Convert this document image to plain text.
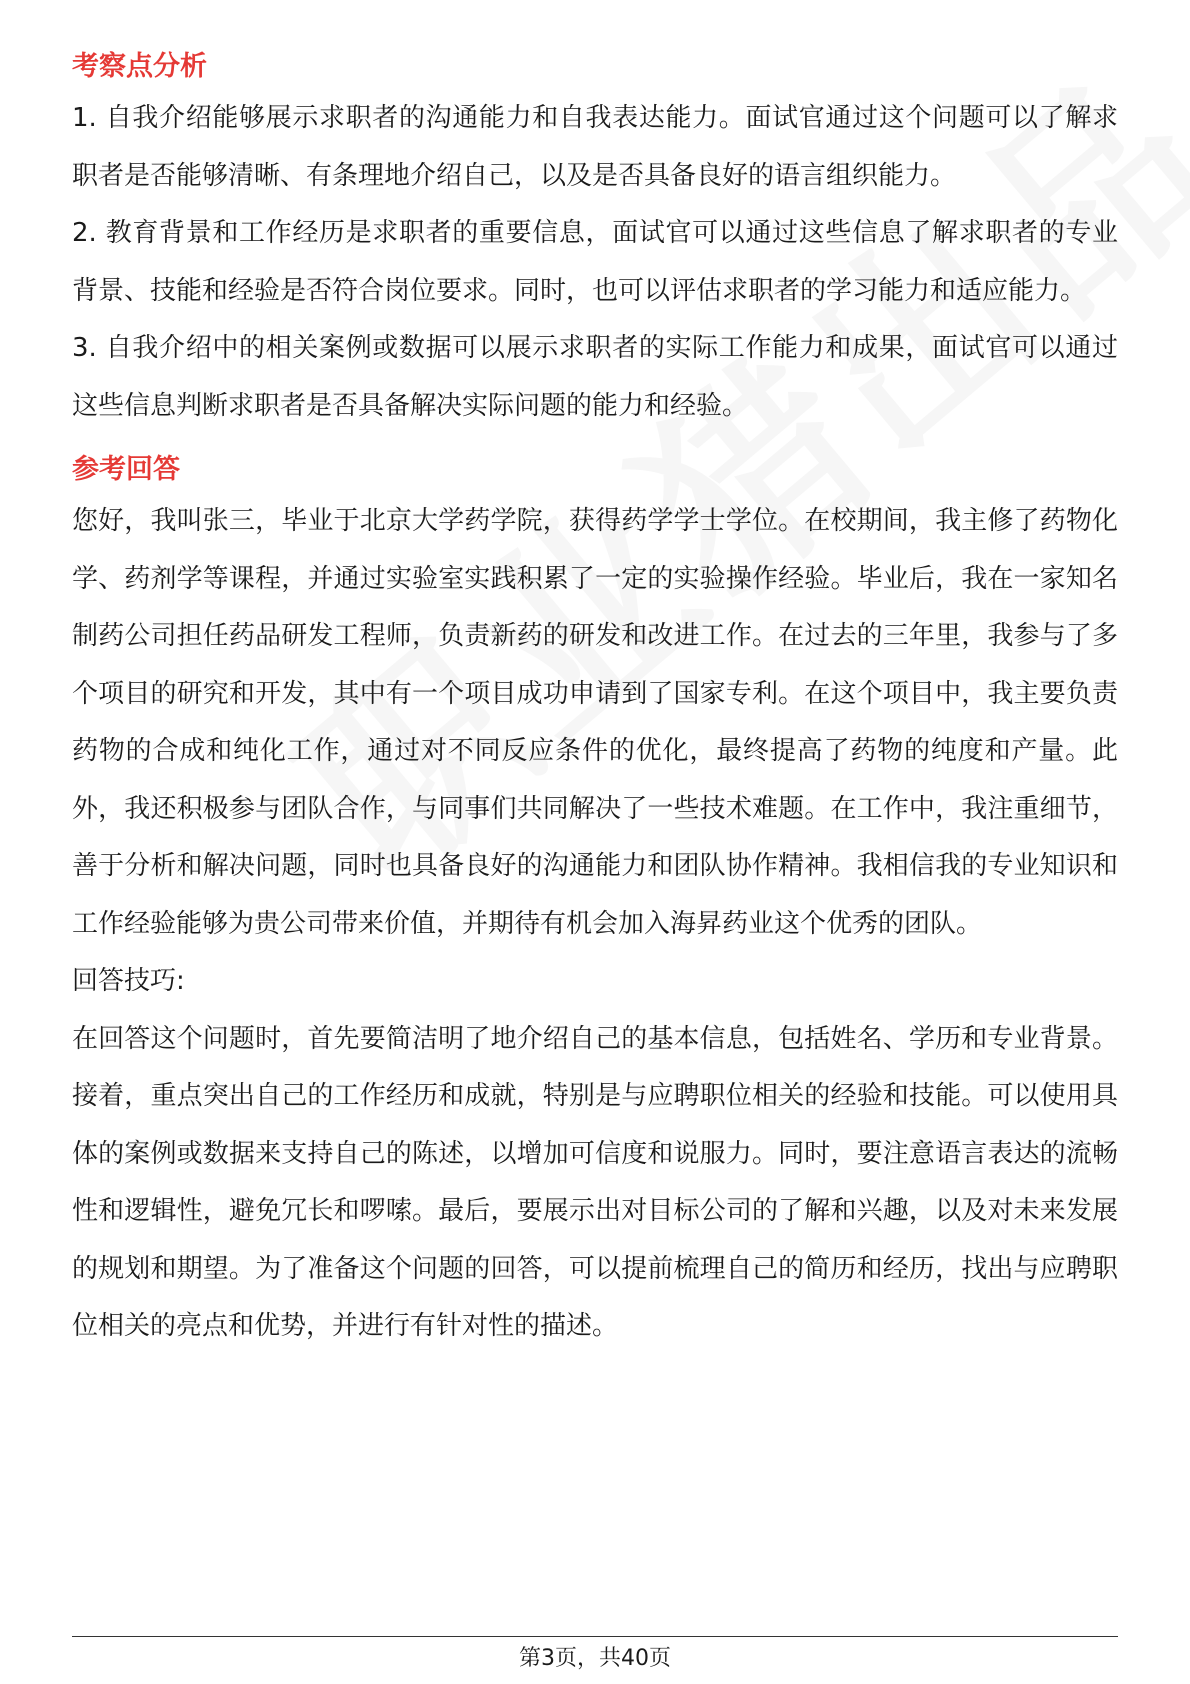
考察点分析

1. 自我介绍能够展示求职者的沟通能力和自我表达能力。面试官通过这个问题可以了解求职者是否能够清晰、有条理地介绍自己，以及是否具备良好的语言组织能力。

2. 教育背景和工作经历是求职者的重要信息，面试官可以通过这些信息了解求职者的专业背景、技能和经验是否符合岗位要求。同时，也可以评估求职者的学习能力和适应能力。

3. 自我介绍中的相关案例或数据可以展示求职者的实际工作能力和成果，面试官可以通过这些信息判断求职者是否具备解决实际问题的能力和经验。

参考回答

您好，我叫张三，毕业于北京大学药学院，获得药学学士学位。在校期间，我主修了药物化学、药剂学等课程，并通过实验室实践积累了一定的实验操作经验。毕业后，我在一家知名制药公司担任药品研发工程师，负责新药的研发和改进工作。在过去的三年里，我参与了多个项目的研究和开发，其中有一个项目成功申请到了国家专利。在这个项目中，我主要负责药物的合成和纯化工作，通过对不同反应条件的优化，最终提高了药物的纯度和产量。此外，我还积极参与团队合作，与同事们共同解决了一些技术难题。在工作中，我注重细节，善于分析和解决问题，同时也具备良好的沟通能力和团队协作精神。我相信我的专业知识和工作经验能够为贵公司带来价值，并期待有机会加入海昇药业这个优秀的团队。

回答技巧:

在回答这个问题时，首先要简洁明了地介绍自己的基本信息，包括姓名、学历和专业背景。接着，重点突出自己的工作经历和成就，特别是与应聘职位相关的经验和技能。可以使用具体的案例或数据来支持自己的陈述，以增加可信度和说服力。同时，要注意语言表达的流畅性和逻辑性，避免冗长和啰嗦。最后，要展示出对目标公司的了解和兴趣，以及对未来发展的规划和期望。为了准备这个问题的回答，可以提前梳理自己的简历和经历，找出与应聘职位相关的亮点和优势，并进行有针对性的描述。

第3页，共40页
